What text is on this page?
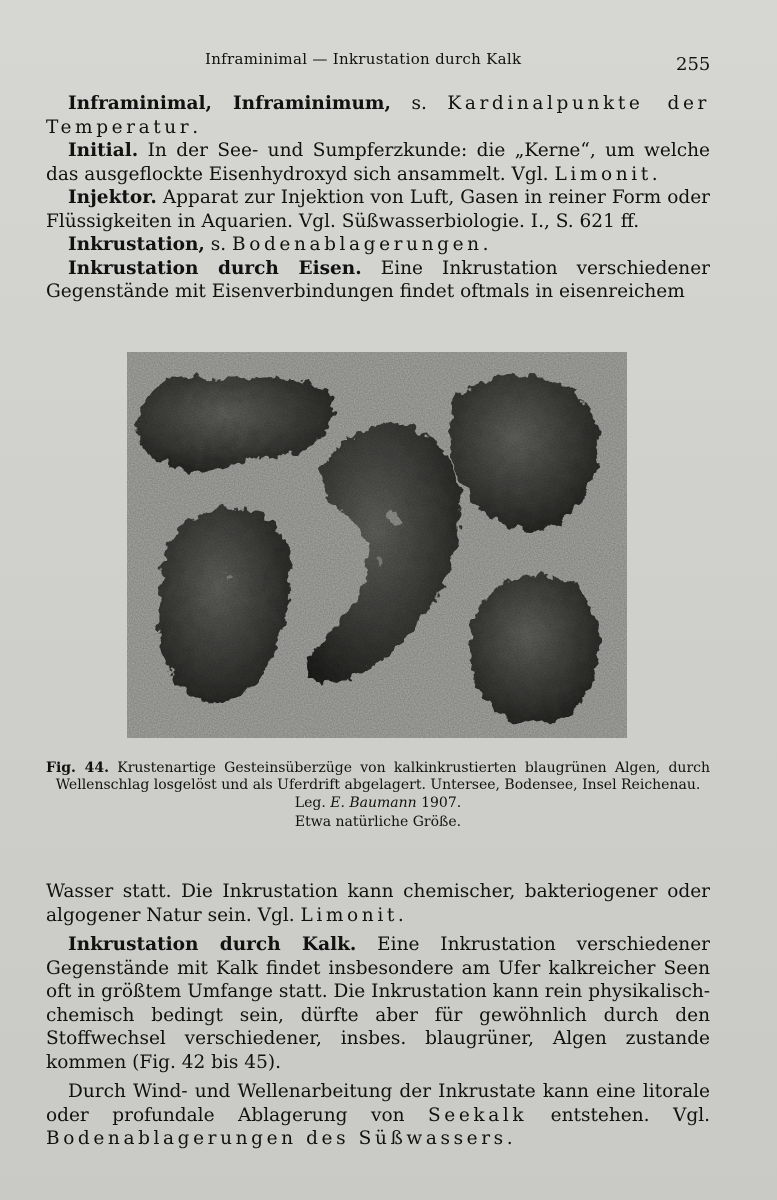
Inframinimal — Inkrustation durch Kalk	255

Inframinimal, Inframinimum, s. Kardinalpunkte der Temperatur.

Initial. In der See- und Sumpferzkunde: die „Kerne“, um welche das ausgeflockte Eisenhydroxyd sich ansammelt. Vgl. Limonit.

Injektor. Apparat zur Injektion von Luft, Gasen in reiner Form oder Flüssigkeiten in Aquarien. Vgl. Süßwasserbiologie. I., S. 621 ff.

Inkrustation, s. Bodenablagerungen.

Inkrustation durch Eisen. Eine Inkrustation verschiedener Gegenstände mit Eisenverbindungen findet oftmals in eisenreichem

Fig. 44. Krustenartige Gesteinsüberzüge von kalkinkrustierten blaugrünen Algen, durch Wellenschlag losgelöst und als Uferdrift abgelagert. Untersee, Bodensee, Insel Reichenau.

Leg. E. Baumann 1907.

Etwa natürliche Größe.

Wasser statt. Die Inkrustation kann chemischer, bakteriogener oder algogener Natur sein. Vgl. Limonit.

Inkrustation durch Kalk. Eine Inkrustation verschiedener Gegenstände mit Kalk findet insbesondere am Ufer kalkreicher Seen oft in größtem Umfange statt. Die Inkrustation kann rein physikalisch-chemisch bedingt sein, dürfte aber für gewöhnlich durch den Stoffwechsel verschiedener, insbes. blaugrüner, Algen zustande kommen (Fig. 42 bis 45).

Durch Wind- und Wellenarbeitung der Inkrustate kann eine litorale oder profundale Ablagerung von Seekalk entstehen. Vgl. Bodenablagerungen des Süßwassers.
